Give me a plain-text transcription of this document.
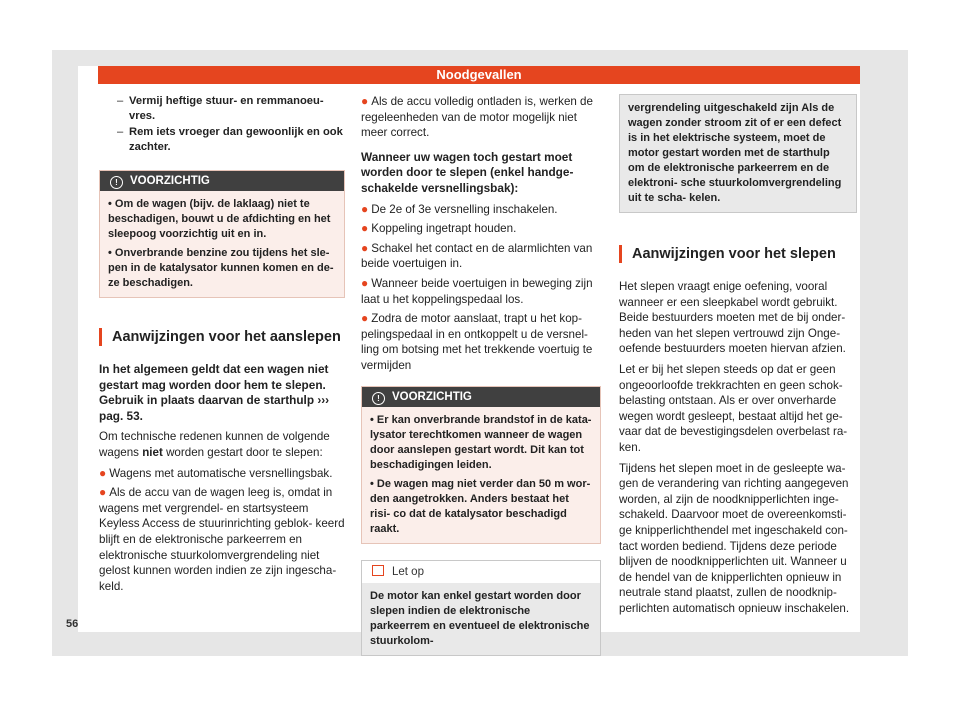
Noodgevallen
– Vermij heftige stuur- en remmanoeu- vres.
– Rem iets vroeger dan gewoonlijk en ook zachter.
! VOORZICHTIG
• Om de wagen (bijv. de laklaag) niet te beschadigen, bouwt u de afdichting en het sleepoog voorzichtig uit en in.
• Onverbrande benzine zou tijdens het sle- pen in de katalysator kunnen komen en de- ze beschadigen.
Aanwijzingen voor het aanslepen

In het algemeen geldt dat een wagen niet gestart mag worden door hem te slepen. Gebruik in plaats daarvan de starthulp ››› pag. 53.

Om technische redenen kunnen de volgende wagens niet worden gestart door te slepen:

● Wagens met automatische versnellingsbak.
● Als de accu van de wagen leeg is, omdat in wagens met vergrendel- en startsysteem Keyless Access de stuurinrichting geblok- keerd blijft en de elektronische parkeerrem en elektronische stuurkolomvergrendeling niet gelost kunnen worden indien ze zijn ingescha- keld.
● Als de accu volledig ontladen is, werken de regeleenheden van de motor mogelijk niet meer correct.
Wanneer uw wagen toch gestart moet worden door te slepen (enkel handge- schakelde versnellingsbak):
● De 2e of 3e versnelling inschakelen.
● Koppeling ingetrapt houden.
● Schakel het contact en de alarmlichten van beide voertuigen in.
● Wanneer beide voertuigen in beweging zijn laat u het koppelingspedaal los.
● Zodra de motor aanslaat, trapt u het kop- pelingspedaal in en ontkoppelt u de versnel- ling om botsing met het trekkende voertuig te vermijden
! VOORZICHTIG
• Er kan onverbrande brandstof in de kata- lysator terechtkomen wanneer de wagen door aanslepen gestart wordt. Dit kan tot beschadigingen leiden.
• De wagen mag niet verder dan 50 m wor- den aangetrokken. Anders bestaat het risi- co dat de katalysator beschadigd raakt.
Let op
De motor kan enkel gestart worden door slepen indien de elektronische parkeerrem en eventueel de elektronische stuurkolom-
vergrendeling uitgeschakeld zijn Als de wagen zonder stroom zit of er een defect is in het elektrische systeem, moet de motor gestart worden met de starthulp om de elektronische parkeerrem en de elektroni- sche stuurkolomvergrendeling uit te scha- kelen.
Aanwijzingen voor het slepen

Het slepen vraagt enige oefening, vooral wanneer er een sleepkabel wordt gebruikt. Beide bestuurders moeten met de bij onder- heden van het slepen vertrouwd zijn Onge- oefende bestuurders moeten hiervan afzien.

Let er bij het slepen steeds op dat er geen ongeoorloofde trekkrachten en geen schok- belasting ontstaan. Als er over onverharde wegen wordt gesleept, bestaat altijd het ge- vaar dat de bevestigingsdelen overbelast ra- ken.

Tijdens het slepen moet in de gesleepte wa- gen de verandering van richting aangegeven worden, al zijn de noodknipperlichten inge- schakeld. Daarvoor moet de overeenkomsti- ge knipperlichthendel met ingeschakeld con- tact worden bediend. Tijdens deze periode blijven de noodknipperlichten uit. Wanneer u de hendel van de knipperlichten opnieuw in neutrale stand plaatst, zullen de noodknip- perlichten automatisch opnieuw inschakelen.

56
